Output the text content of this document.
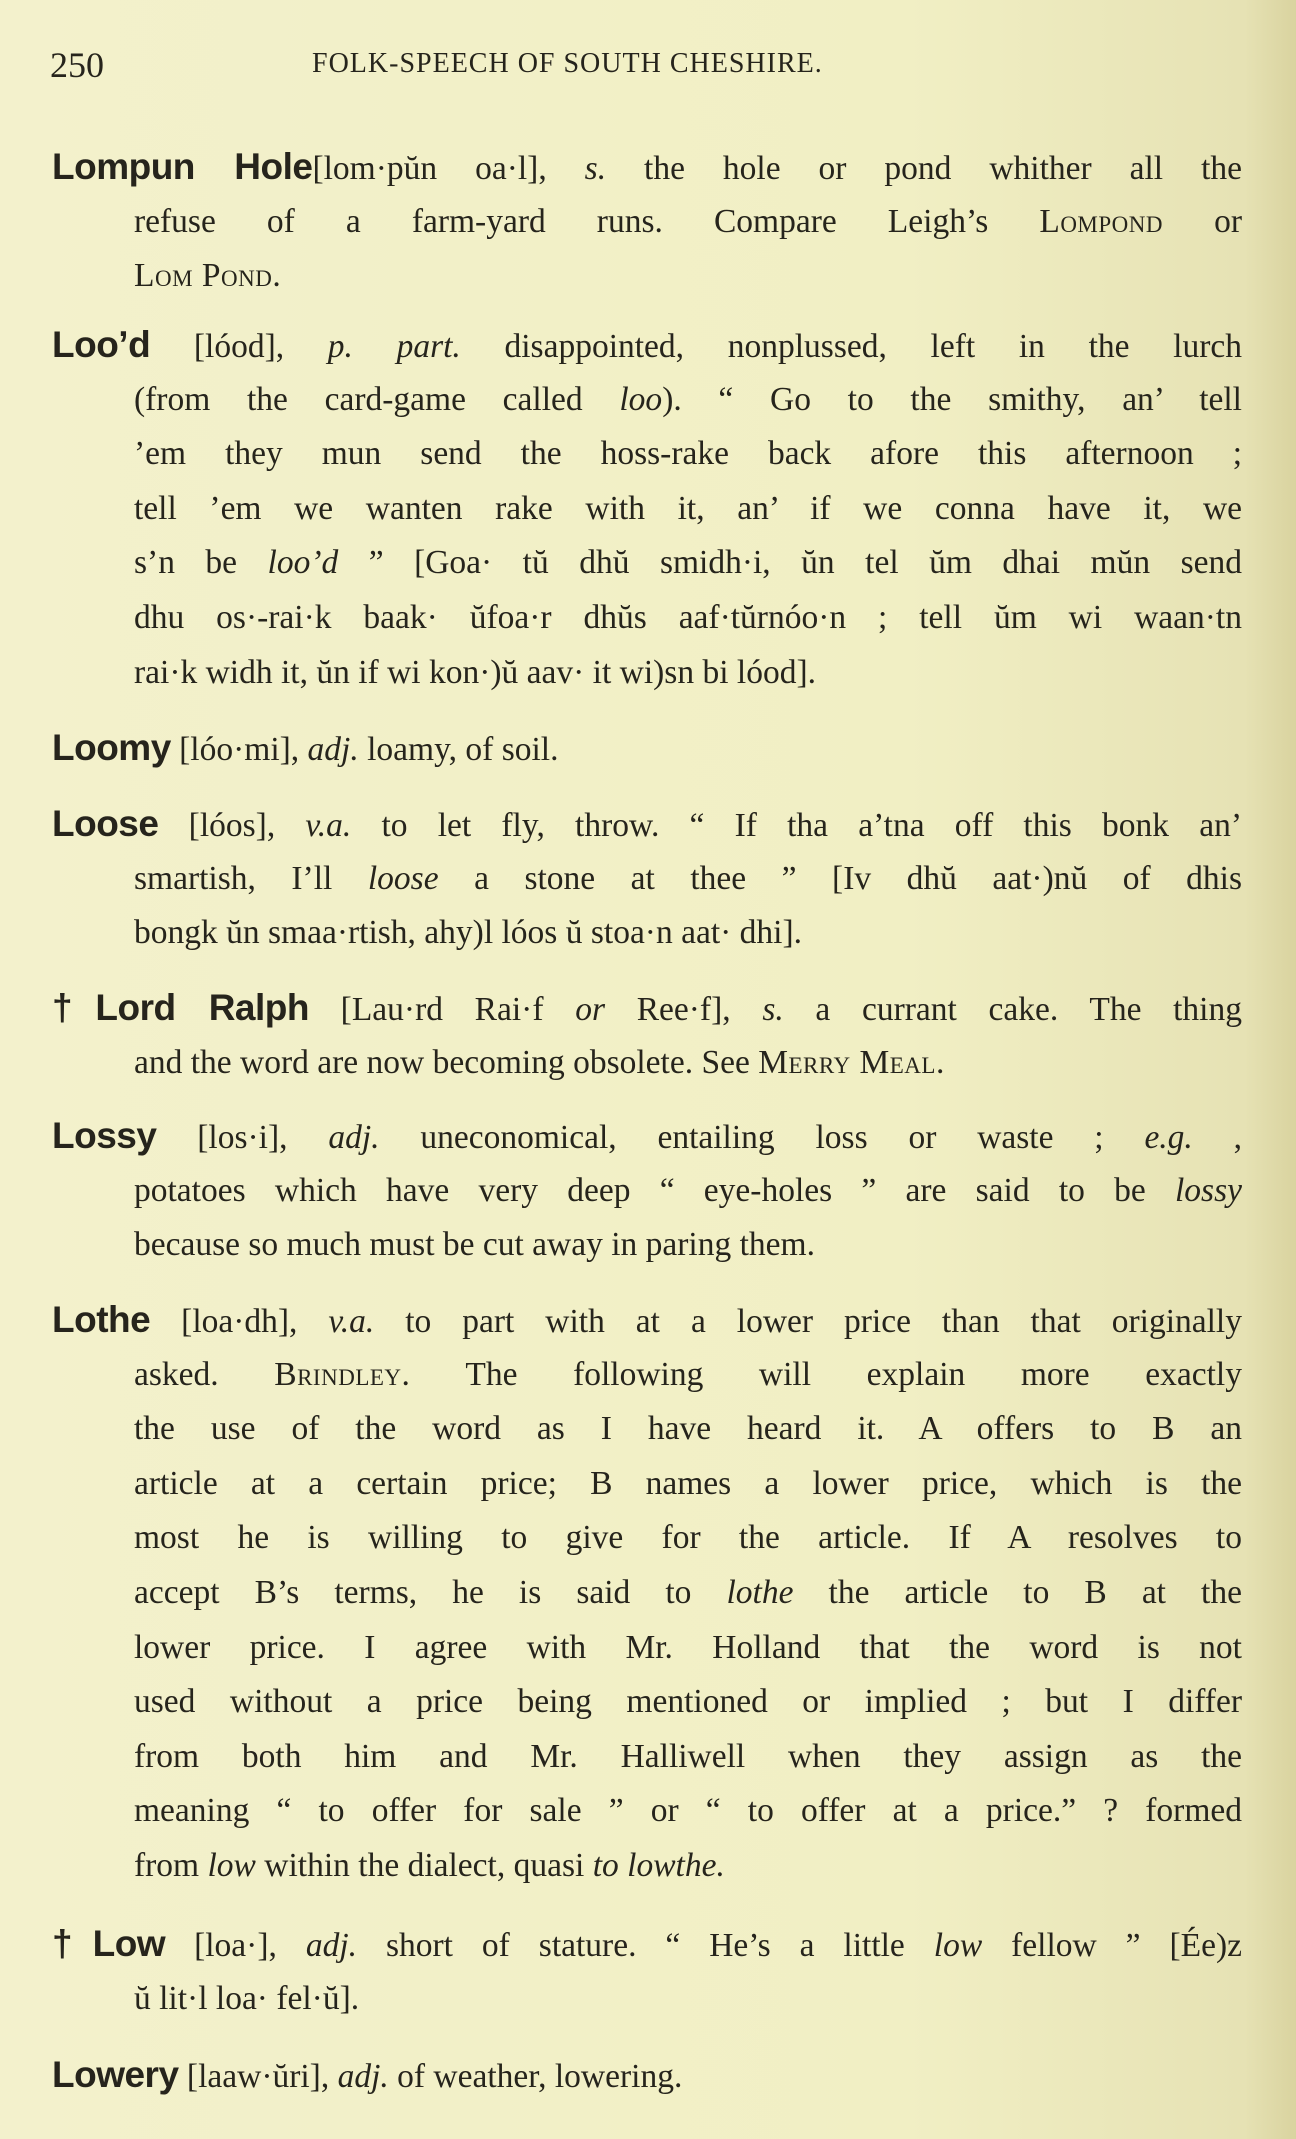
250	FOLK-SPEECH OF SOUTH CHESHIRE.
Lompun Hole[lom·pŭn oa·l], s. the hole or pond whither all the
refuse of a farm-yard runs. Compare Leigh’s Lompond or
Lom Pond.
Loo’d [lóod], p. part. disappointed, nonplussed, left in the lurch
(from the card-game called loo). “ Go to the smithy, an’ tell
’em they mun send the hoss-rake back afore this afternoon ;
tell ’em we wanten rake with it, an’ if we conna have it, we
s’n be loo’d ” [Goa· tŭ dhŭ smidh·i, ŭn tel ŭm dhai mŭn send
dhu os·-rai·k baak· ŭfoa·r dhŭs aaf·tŭrnóo·n ; tell ŭm wi waan·tn
rai·k widh it, ŭn if wi kon·)ŭ aav· it wi)sn bi lóod].
Loomy [lóo·mi], adj. loamy, of soil.
Loose [lóos], v.a. to let fly, throw. “ If tha a’tna off this bonk an’
smartish, I’ll loose a stone at thee ” [Iv dhŭ aat·)nŭ of dhis
bongk ŭn smaa·rtish, ahy)l lóos ŭ stoa·n aat· dhi].
†Lord Ralph [Lau·rd Rai·f or Ree·f], s. a currant cake. The thing
and the word are now becoming obsolete. See Merry Meal.
Lossy [los·i], adj. uneconomical, entailing loss or waste ; e.g. ,
potatoes which have very deep “ eye-holes ” are said to be lossy
because so much must be cut away in paring them.
Lothe [loa·dh], v.a. to part with at a lower price than that originally
asked. Brindley. The following will explain more exactly
the use of the word as I have heard it. A offers to B an
article at a certain price; B names a lower price, which is the
most he is willing to give for the article. If A resolves to
accept B’s terms, he is said to lothe the article to B at the
lower price. I agree with Mr. Holland that the word is not
used without a price being mentioned or implied ; but I differ
from both him and Mr. Halliwell when they assign as the
meaning “ to offer for sale ” or “ to offer at a price.” ? formed
from low within the dialect, quasi to lowthe.
†Low [loa·], adj. short of stature. “ He’s a little low fellow ” [Ée)z
ŭ lit·l loa· fel·ŭ].
Lowery [laaw·ŭri], adj. of weather, lowering.
